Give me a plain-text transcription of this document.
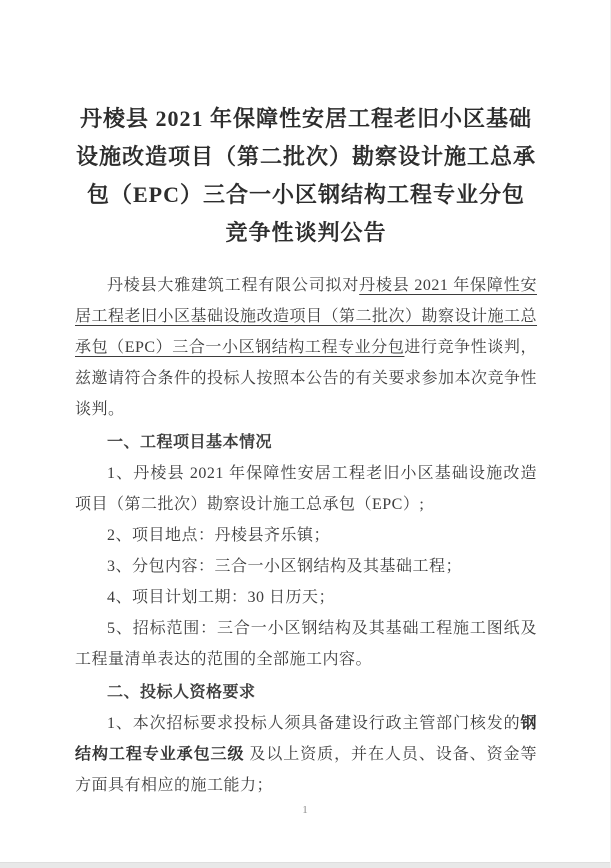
丹棱县 2021 年保障性安居工程老旧小区基础
设施改造项目（第二批次）勘察设计施工总承
包（EPC）三合一小区钢结构工程专业分包
竞争性谈判公告

丹棱县大雅建筑工程有限公司拟对丹棱县 2021 年保障性安居工程老旧小区基础设施改造项目（第二批次）勘察设计施工总承包（EPC）三合一小区钢结构工程专业分包进行竞争性谈判，兹邀请符合条件的投标人按照本公告的有关要求参加本次竞争性谈判。

一、工程项目基本情况

1、丹棱县 2021 年保障性安居工程老旧小区基础设施改造项目（第二批次）勘察设计施工总承包（EPC）;

2、项目地点：丹棱县齐乐镇；

3、分包内容：三合一小区钢结构及其基础工程；

4、项目计划工期：30 日历天；

5、招标范围：三合一小区钢结构及其基础工程施工图纸及工程量清单表达的范围的全部施工内容。

二、投标人资格要求

1、本次招标要求投标人须具备建设行政主管部门核发的钢结构工程专业承包三级 及以上资质，并在人员、设备、资金等方面具有相应的施工能力；

1
